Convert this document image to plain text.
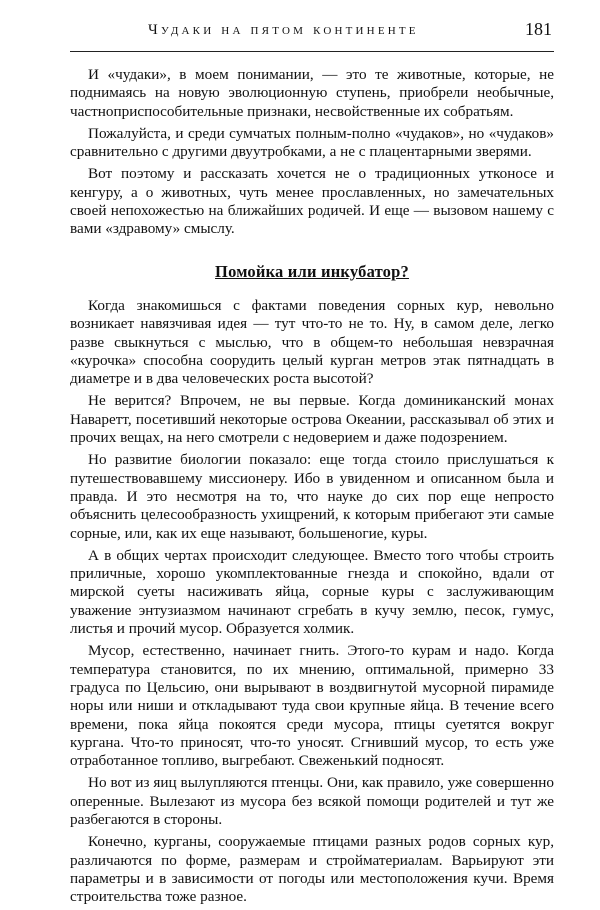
Чудаки на пятом континенте	181

И «чудаки», в моем понимании, — это те животные, которые, не поднимаясь на новую эволюционную ступень, приобрели необычные, частноприспособительные признаки, несвойственные их собратьям.

Пожалуйста, и среди сумчатых полным-полно «чудаков», но «чудаков» сравнительно с другими двуутробками, а не с плацентарными зверями.

Вот поэтому и рассказать хочется не о традиционных утконосе и кенгуру, а о животных, чуть менее прославленных, но замечательных своей непохожестью на ближайших родичей. И еще — вызовом нашему с вами «здравому» смыслу.

Помойка или инкубатор?

Когда знакомишься с фактами поведения сорных кур, невольно возникает навязчивая идея — тут что-то не то. Ну, в самом деле, легко разве свыкнуться с мыслью, что в общем-то небольшая невзрачная «курочка» способна соорудить целый курган метров этак пятнадцать в диаметре и в два человеческих роста высотой?

Не верится? Впрочем, не вы первые. Когда доминиканский монах Наваретт, посетивший некоторые острова Океании, рассказывал об этих и прочих вещах, на него смотрели с недоверием и даже подозрением.

Но развитие биологии показало: еще тогда стоило прислушаться к путешествовавшему миссионеру. Ибо в увиденном и описанном была и правда. И это несмотря на то, что науке до сих пор еще непросто объяснить целесообразность ухищрений, к которым прибегают эти самые сорные, или, как их еще называют, большеногие, куры.

А в общих чертах происходит следующее. Вместо того чтобы строить приличные, хорошо укомплектованные гнезда и спокойно, вдали от мирской суеты насиживать яйца, сорные куры с заслуживающим уважение энтузиазмом начинают сгребать в кучу землю, песок, гумус, листья и прочий мусор. Образуется холмик.

Мусор, естественно, начинает гнить. Этого-то курам и надо. Когда температура становится, по их мнению, оптимальной, примерно 33 градуса по Цельсию, они вырывают в воздвигнутой мусорной пирамиде норы или ниши и откладывают туда свои крупные яйца. В течение всего времени, пока яйца покоятся среди мусора, птицы суетятся вокруг кургана. Что-то приносят, что-то уносят. Сгнивший мусор, то есть уже отработанное топливо, выгребают. Свеженький подносят.

Но вот из яиц вылупляются птенцы. Они, как правило, уже совершенно оперенные. Вылезают из мусора без всякой помощи родителей и тут же разбегаются в стороны.

Конечно, курганы, сооружаемые птицами разных родов сорных кур, различаются по форме, размерам и стройматериалам. Варьируют эти параметры и в зависимости от погоды или местоположения кучи. Время строительства тоже разное.
